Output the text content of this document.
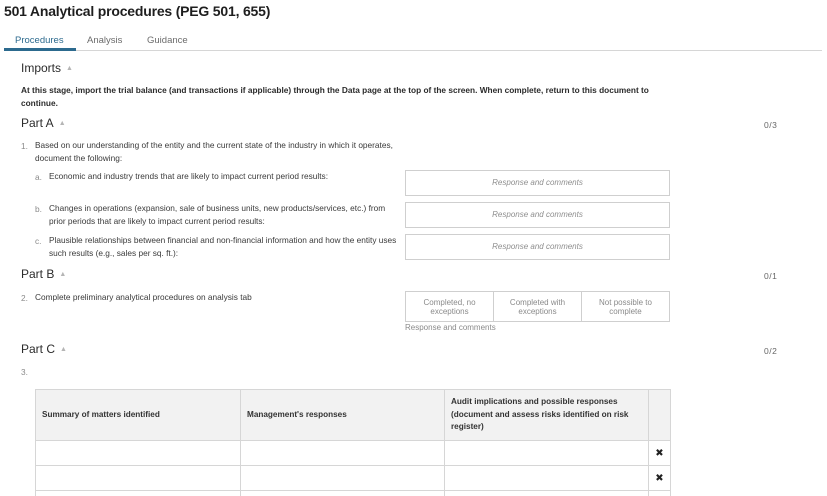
501 Analytical procedures (PEG 501, 655)
Procedures Analysis	Guidance
Imports ▲
At this stage, import the trial balance (and transactions if applicable) through the Data page at the top of the screen. When complete, return to this document to continue.
Part A ▲	0/3
1. Based on our understanding of the entity and the current state of the industry in which it operates, document the following:
a. Economic and industry trends that are likely to impact current period results:
Response and comments
b. Changes in operations (expansion, sale of business units, new products/services, etc.) from prior periods that are likely to impact current period results:
Response and comments
c. Plausible relationships between financial and non-financial information and how the entity uses such results (e.g., sales per sq. ft.):
Response and comments
Part B ▲	0/1
2. Complete preliminary analytical procedures on analysis tab	Completed, no exceptions
Completed with exceptions
Not possible to complete
Response and comments
Part C ▲	0/2
3.
Summary of matters identified	Management's responses	Audit implications and possible responses (document and assess risks identified on risk register)	
			✖
			✖
